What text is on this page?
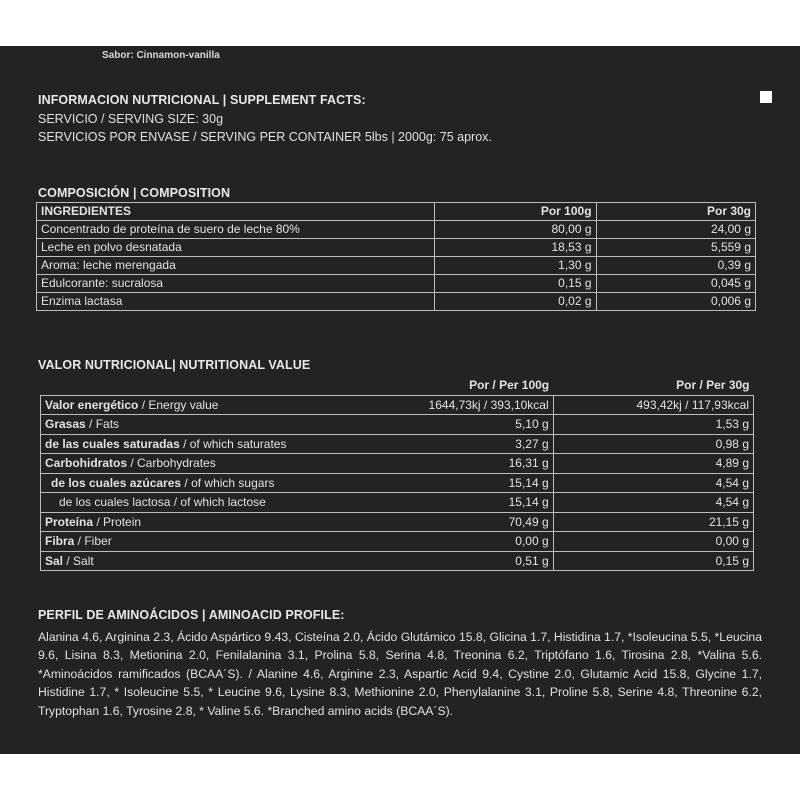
Sabor: Cinnamon-vanilla
INFORMACION NUTRICIONAL | SUPPLEMENT FACTS:
SERVICIO / SERVING SIZE: 30g
SERVICIOS POR ENVASE / SERVING PER CONTAINER 5lbs | 2000g: 75 aprox.
COMPOSICIÓN | COMPOSITION
INGREDIENTES	Por 100g	Por 30g
Concentrado de proteína de suero de leche 80%	80,00 g	24,00 g
Leche en polvo desnatada	18,53 g	5,559 g
Aroma: leche merengada	1,30 g	0,39 g
Edulcorante: sucralosa	0,15 g	0,045 g
Enzima lactasa	0,02 g	0,006 g
VALOR NUTRICIONAL| NUTRITIONAL VALUE
	Por / Per 100g	Por / Per 30g
Valor energético / Energy value	1644,73kj / 393,10kcal	493,42kj / 117,93kcal
Grasas / Fats	5,10 g	1,53 g
de las cuales saturadas / of which saturates	3,27 g	0,98 g
Carbohidratos / Carbohydrates	16,31 g	4,89 g
de los cuales azúcares / of which sugars	15,14 g	4,54 g
de los cuales lactosa / of which lactose	15,14 g	4,54 g
Proteína / Protein	70,49 g	21,15 g
Fibra / Fiber	0,00 g	0,00 g
Sal / Salt	0,51 g	0,15 g
PERFIL DE AMINOÁCIDOS | AMINOACID PROFILE:
Alanina 4.6, Arginina 2.3, Ácido Aspártico 9.43, Cisteína 2.0, Ácido Glutámico 15.8, Glicina 1.7, Histidina 1.7, *Isoleucina 5.5, *Leucina 9.6, Lisina 8.3, Metionina 2.0, Fenilalanina 3.1, Prolina 5.8, Serina 4.8, Treonina 6.2, Triptófano 1.6, Tirosina 2.8, *Valina 5.6. *Aminoácidos ramificados (BCAA´S). / Alanine 4.6, Arginine 2.3, Aspartic Acid 9.4, Cystine 2.0, Glutamic Acid 15.8, Glycine 1.7, Histidine 1.7, * Isoleucine 5.5, * Leucine 9.6, Lysine 8.3, Methionine 2.0, Phenylalanine 3.1, Proline 5.8, Serine 4.8, Threonine 6.2, Tryptophan 1.6, Tyrosine 2.8, * Valine 5.6. *Branched amino acids (BCAA´S).
